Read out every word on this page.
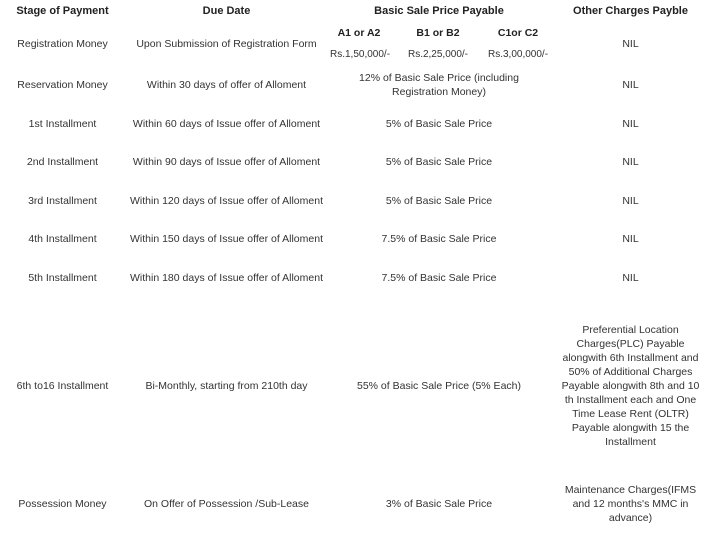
Stage of Payment	Due Date	Basic Sale Price Payable			Other Charges Payble
Registration Money	Upon Submission of Registration Form	A1 or A2	B1 or B2	C1or C2	NIL
		Rs.1,50,000/-	Rs.2,25,000/-	Rs.3,00,000/-	
Reservation Money	Within 30 days of offer of Alloment	12% of Basic Sale Price (including Registration Money)			NIL
1st Installment	Within 60 days of Issue offer of Alloment	5% of Basic Sale Price			NIL
2nd Installment	Within 90 days of Issue offer of Alloment	5% of Basic Sale Price			NIL
3rd Installment	Within 120 days of Issue offer of Alloment	5% of Basic Sale Price			NIL
4th Installment	Within 150 days of Issue offer of Alloment	7.5% of Basic Sale Price			NIL
5th Installment	Within 180 days of Issue offer of Alloment	7.5% of Basic Sale Price			NIL
6th to16 Installment	Bi-Monthly, starting from 210th day	55% of Basic Sale Price (5% Each)			Preferential Location Charges(PLC) Payable alongwith 6th Installment and 50% of Additional Charges Payable alongwith 8th and 10 th Installment each and One Time Lease Rent (OLTR) Payable alongwith 15 the Installment
Possession Money	On Offer of Possession /Sub-Lease	3% of Basic Sale Price			Maintenance Charges(IFMS and 12 months's MMC in advance)
